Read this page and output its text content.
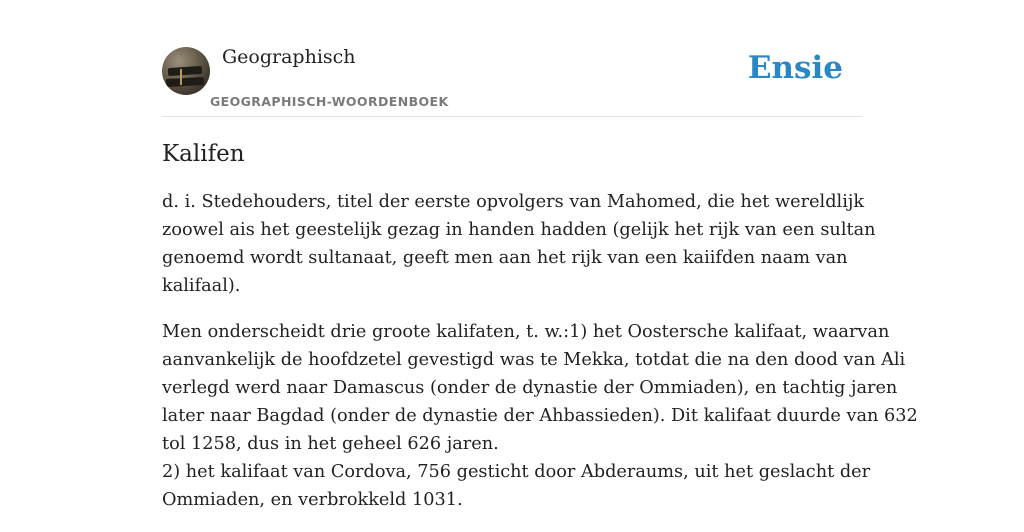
Geographisch
GEOGRAPHISCH-WOORDENBOEK
Ensie
Kalifen

d. i. Stedehouders, titel der eerste opvolgers van Mahomed, die het wereldlijk
zoowel ais het geestelijk gezag in handen hadden (gelijk het rijk van een sultan
genoemd wordt sultanaat, geeft men aan het rijk van een kaiifden naam van
kalifaal).

Men onderscheidt drie groote kalifaten, t. w.:1) het Oostersche kalifaat, waarvan
aanvankelijk de hoofdzetel gevestigd was te Mekka, totdat die na den dood van Ali
verlegd werd naar Damascus (onder de dynastie der Ommiaden), en tachtig jaren
later naar Bagdad (onder de dynastie der Ahbassieden). Dit kalifaat duurde van 632
tol 1258, dus in het geheel 626 jaren.
2) het kalifaat van Cordova, 756 gesticht door Abderaums, uit het geslacht der
Ommiaden, en verbrokkeld 1031.
